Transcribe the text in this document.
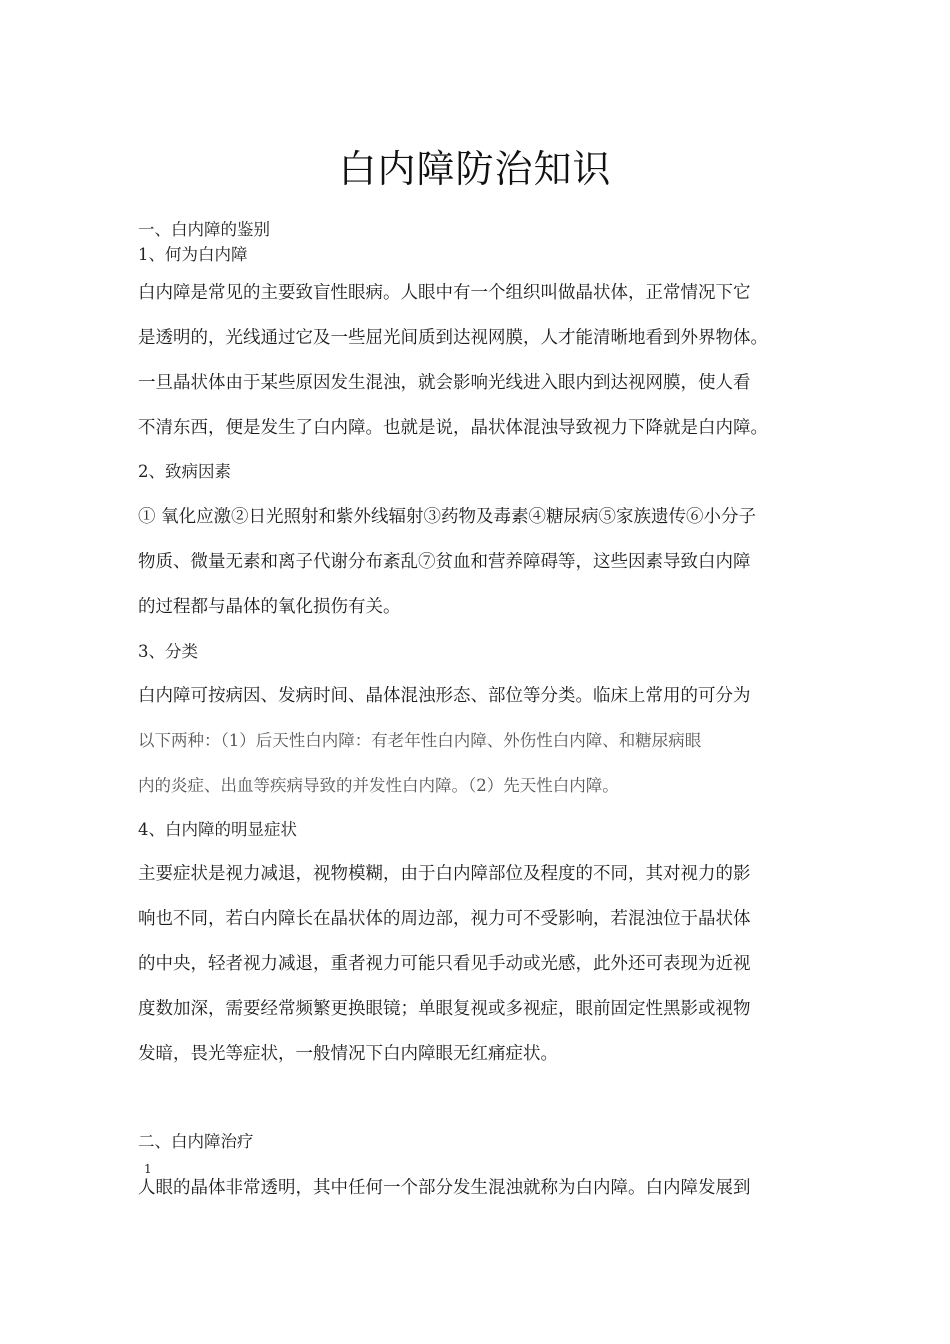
白内障防治知识
一、白内障的鉴别
1、何为白内障
白内障是常见的主要致盲性眼病。人眼中有一个组织叫做晶状体，正常情况下它
是透明的，光线通过它及一些屈光间质到达视网膜，人才能清晰地看到外界物体。
一旦晶状体由于某些原因发生混浊，就会影响光线进入眼内到达视网膜，使人看
不清东西，便是发生了白内障。也就是说，晶状体混浊导致视力下降就是白内障。
2、致病因素
① 氧化应激②日光照射和紫外线辐射③药物及毒素④糖尿病⑤家族遗传⑥小分子
物质、微量无素和离子代谢分布紊乱⑦贫血和营养障碍等，这些因素导致白内障
的过程都与晶体的氧化损伤有关。
3、分类
白内障可按病因、发病时间、晶体混浊形态、部位等分类。临床上常用的可分为
以下两种：（1）后天性白内障：有老年性白内障、外伤性白内障、和糖尿病眼
内的炎症、出血等疾病导致的并发性白内障。（2）先天性白内障。
4、白内障的明显症状
主要症状是视力减退，视物模糊，由于白内障部位及程度的不同，其对视力的影
响也不同，若白内障长在晶状体的周边部，视力可不受影响，若混浊位于晶状体
的中央，轻者视力减退，重者视力可能只看见手动或光感，此外还可表现为近视
度数加深，需要经常频繁更换眼镜；单眼复视或多视症，眼前固定性黑影或视物
发暗，畏光等症状，一般情况下白内障眼无红痛症状。
二、白内障治疗
1
人眼的晶体非常透明，其中任何一个部分发生混浊就称为白内障。白内障发展到
